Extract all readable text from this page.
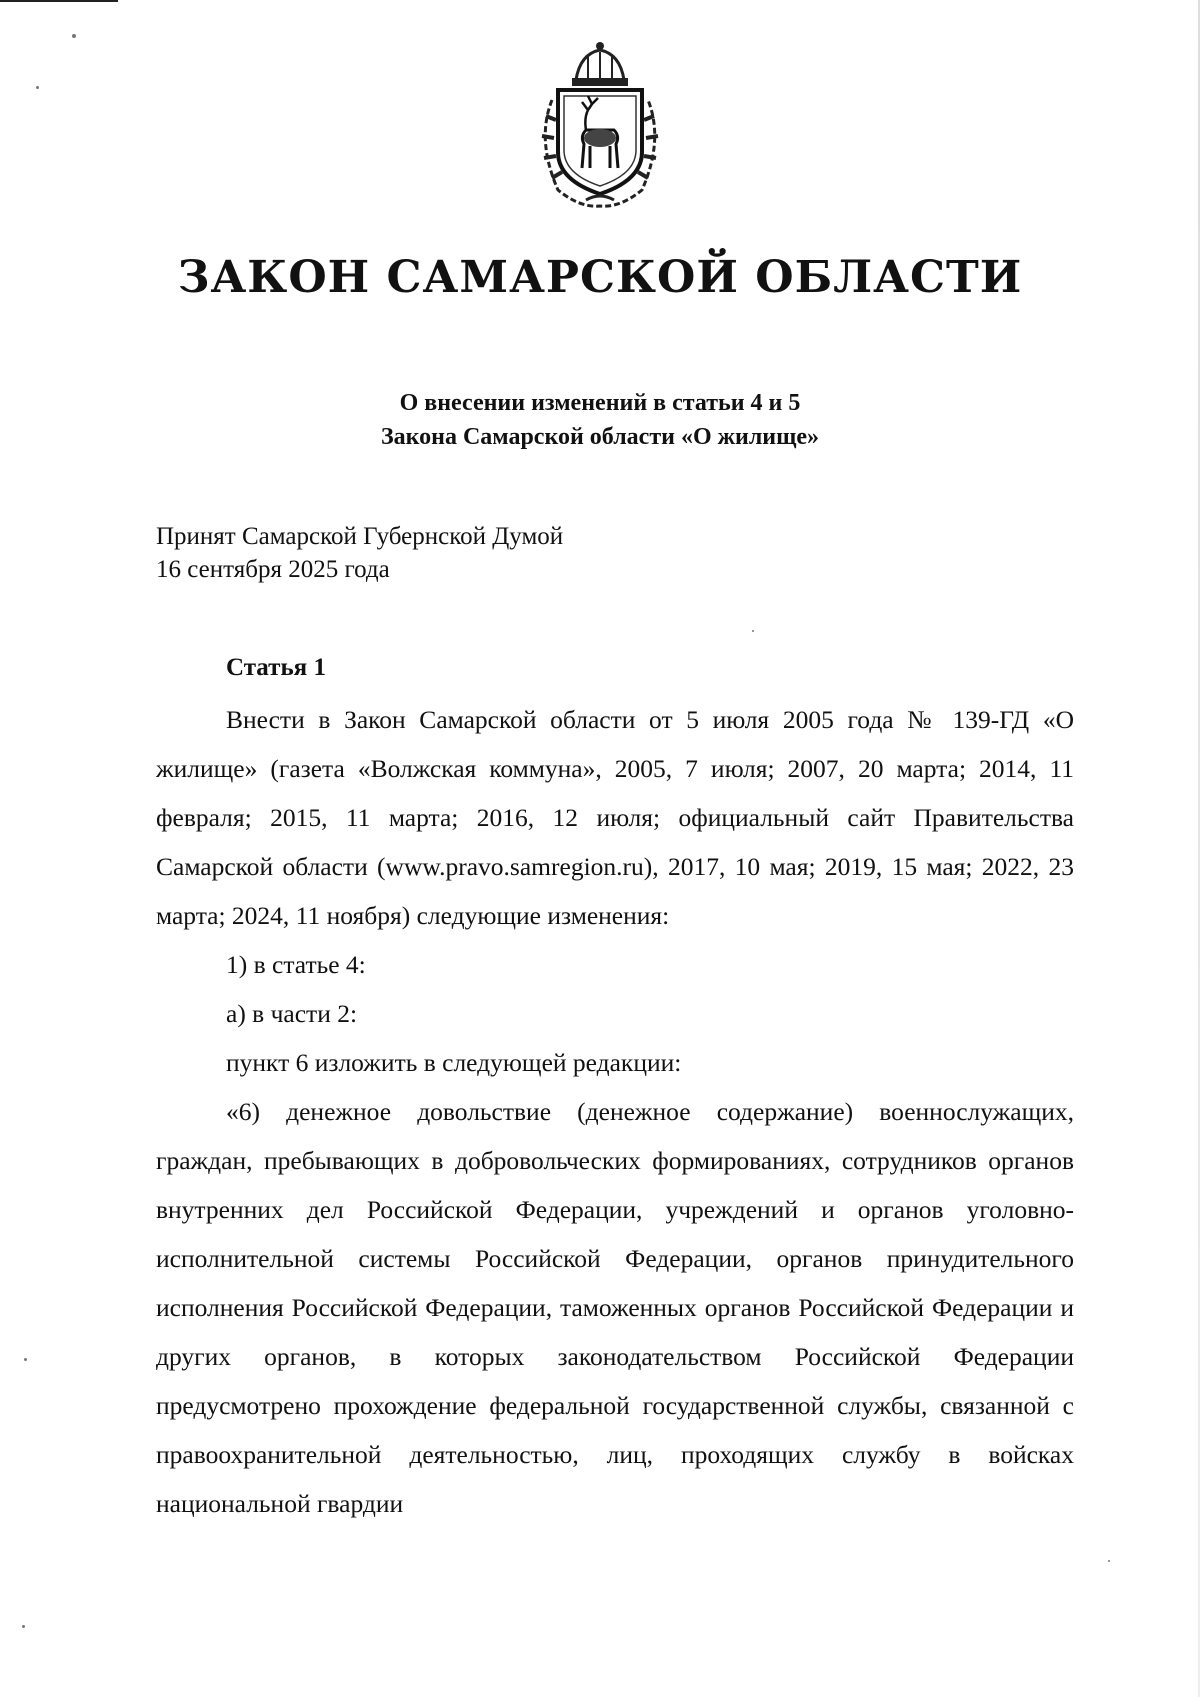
ЗАКОН САМАРСКОЙ ОБЛАСТИ
О внесении изменений в статьи 4 и 5
Закона Самарской области «О жилище»
Принят Самарской Губернской Думой
16 сентября 2025 года
Статья 1

Внести в Закон Самарской области от 5 июля 2005 года № 139-ГД «О жилище» (газета «Волжская коммуна», 2005, 7 июля; 2007, 20 марта; 2014, 11 февраля; 2015, 11 марта; 2016, 12 июля; официальный сайт Правительства Самарской области (www.pravo.samregion.ru), 2017, 10 мая; 2019, 15 мая; 2022, 23 марта; 2024, 11 ноября) следующие изменения:

1) в статье 4:

а) в части 2:

пункт 6 изложить в следующей редакции:

«6) денежное довольствие (денежное содержание) военнослужащих, граждан, пребывающих в добровольческих формированиях, сотрудников органов внутренних дел Российской Федерации, учреждений и органов уголовно-исполнительной системы Российской Федерации, органов принудительного исполнения Российской Федерации, таможенных органов Российской Федерации и других органов, в которых законодательством Российской Федерации предусмотрено прохождение федеральной государственной службы, связанной с правоохранительной деятельностью, лиц, проходящих службу в войсках национальной гвардии
